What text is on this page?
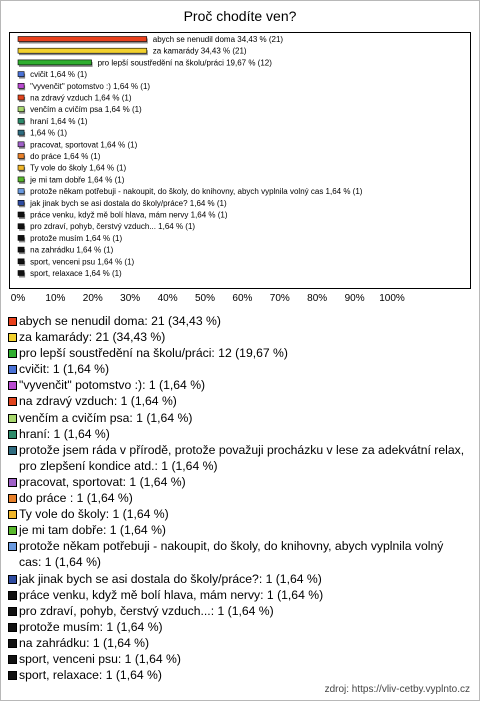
Proč chodíte ven?
abych se nenudil doma 34,43 % (21)
za kamarády 34,43 % (21)
pro lepší soustředění na školu/práci 19,67 % (12)
cvičit 1,64 % (1)
"vyvenčit" potomstvo :) 1,64 % (1)
na zdravý vzduch 1,64 % (1)
venčím a cvičím psa 1,64 % (1)
hraní 1,64 % (1)
1,64 % (1)
pracovat, sportovat 1,64 % (1)
do práce 1,64 % (1)
Ty vole do školy 1,64 % (1)
je mi tam dobře 1,64 % (1)
protože někam potřebuji - nakoupit, do školy, do knihovny, abych vyplnila volný cas 1,64 % (1)
jak jinak bych se asi dostala do školy/práce? 1,64 % (1)
práce venku, když mě bolí hlava, mám nervy 1,64 % (1)
pro zdraví, pohyb, čerstvý vzduch... 1,64 % (1)
protože musím 1,64 % (1)
na zahrádku 1,64 % (1)
sport, venceni psu 1,64 % (1)
sport, relaxace 1,64 % (1)
0% 10% 20% 30% 40% 50% 60% 70% 80% 90% 100%
abych se nenudil doma: 21 (34,43 %)
za kamarády: 21 (34,43 %)
pro lepší soustředění na školu/práci: 12 (19,67 %)
cvičit: 1 (1,64 %)
"vyvenčit" potomstvo :): 1 (1,64 %)
na zdravý vzduch: 1 (1,64 %)
venčím a cvičím psa: 1 (1,64 %)
hraní: 1 (1,64 %)
protože jsem ráda v přírodě, protože považuji procházku v lese za adekvátní relax, pro zlepšení kondice atd.: 1 (1,64 %)
pracovat, sportovat: 1 (1,64 %)
do práce : 1 (1,64 %)
Ty vole do školy: 1 (1,64 %)
je mi tam dobře: 1 (1,64 %)
protože někam potřebuji - nakoupit, do školy, do knihovny, abych vyplnila volný cas: 1 (1,64 %)
jak jinak bych se asi dostala do školy/práce?: 1 (1,64 %)
práce venku, když mě bolí hlava, mám nervy: 1 (1,64 %)
pro zdraví, pohyb, čerstvý vzduch...: 1 (1,64 %)
protože musím: 1 (1,64 %)
na zahrádku: 1 (1,64 %)
sport, venceni psu: 1 (1,64 %)
sport, relaxace: 1 (1,64 %)
zdroj: https://vliv-cetby.vyplnto.cz
